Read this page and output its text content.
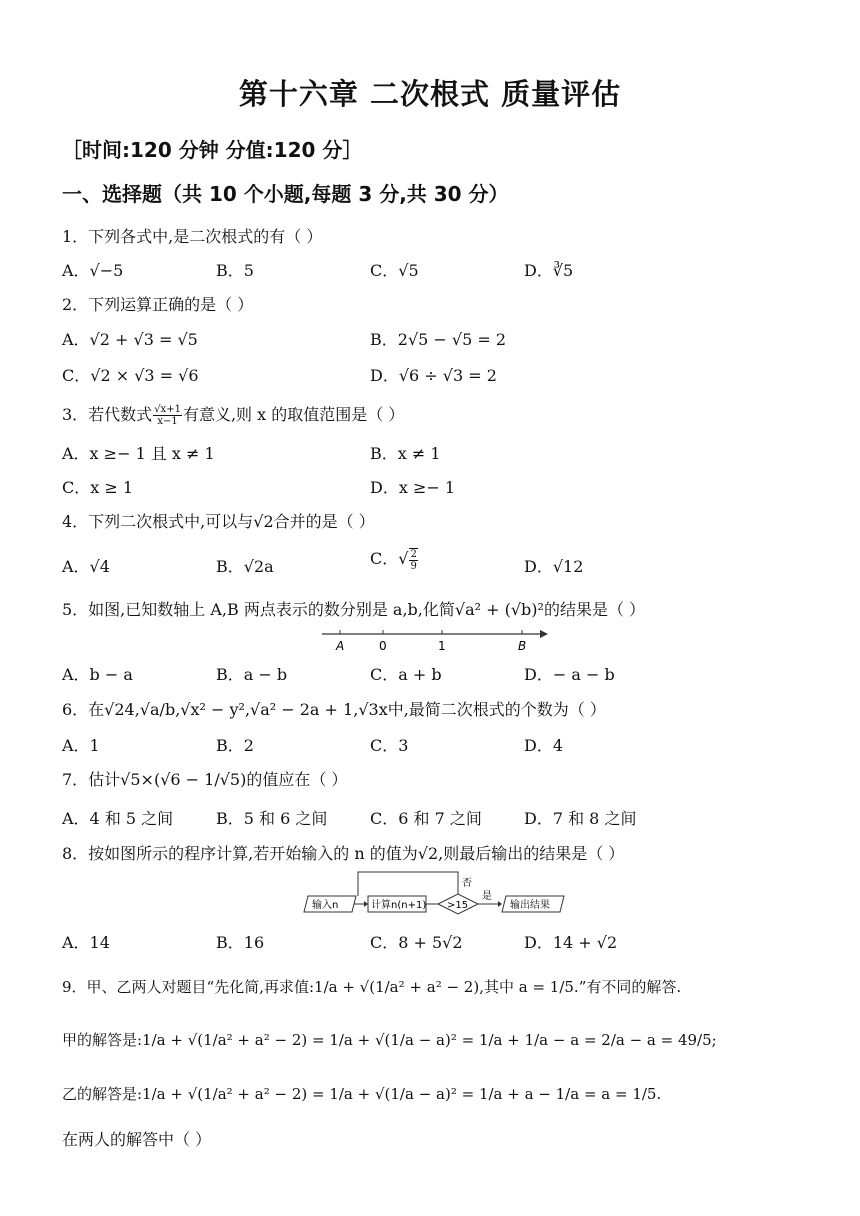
第十六章 二次根式 质量评估
［时间:120 分钟 分值:120 分］
一、选择题（共 10 个小题,每题 3 分,共 30 分）
1．下列各式中,是二次根式的有（ ）
A．√−5	B．5	C．√5	D．∛5
2．下列运算正确的是（ ）
A．√2 + √3 = √5	B．2√5 − √5 = 2
C．√2 × √3 = √6	D．√6 ÷ √3 = 2
3．若代数式 $\frac{√x+1}{x-1}$ 有意义,则 x 的取值范围是（ ）
A．x ≥− 1 且 x ≠ 1	B．x ≠ 1
C．x ≥ 1	D．x ≥− 1
4．下列二次根式中,可以与√2合并的是（ ）
A．√4	B．√2a	C．√ $\frac{2}{9}$	D．√12
5．如图,已知数轴上 A,B 两点表示的数分别是 a,b,化简√a² + (√b)²的结果是（ ）
A	0	1	B
A．b − a	B．a − b	C．a + b	D．− a − b
6．在√24,√a/b,√x² − y²,√a² − 2a + 1,√3x中,最简二次根式的个数为（ ）
A．1	B．2	C．3	D．4
7．估计√5×(√6 − 1/√5)的值应在（ ）
A．4 和 5 之间	B．5 和 6 之间	C．6 和 7 之间	D．7 和 8 之间
8．按如图所示的程序计算,若开始输入的 n 的值为√2,则最后输出的结果是（ ）
输入n	计算n(n+1) >15
否
是
输出结果
A．14	B．16	C．8 + 5√2	D．14 + √2
9．甲、乙两人对题目“先化简,再求值:1/a + √(1/a² + a² − 2),其中 a = 1/5.”有不同的解答.
甲的解答是:1/a + √(1/a² + a² − 2) = 1/a + √(1/a − a)² = 1/a + 1/a − a = 2/a − a = 49/5;
乙的解答是:1/a + √(1/a² + a² − 2) = 1/a + √(1/a − a)² = 1/a + a − 1/a = a = 1/5.
在两人的解答中（ ）
